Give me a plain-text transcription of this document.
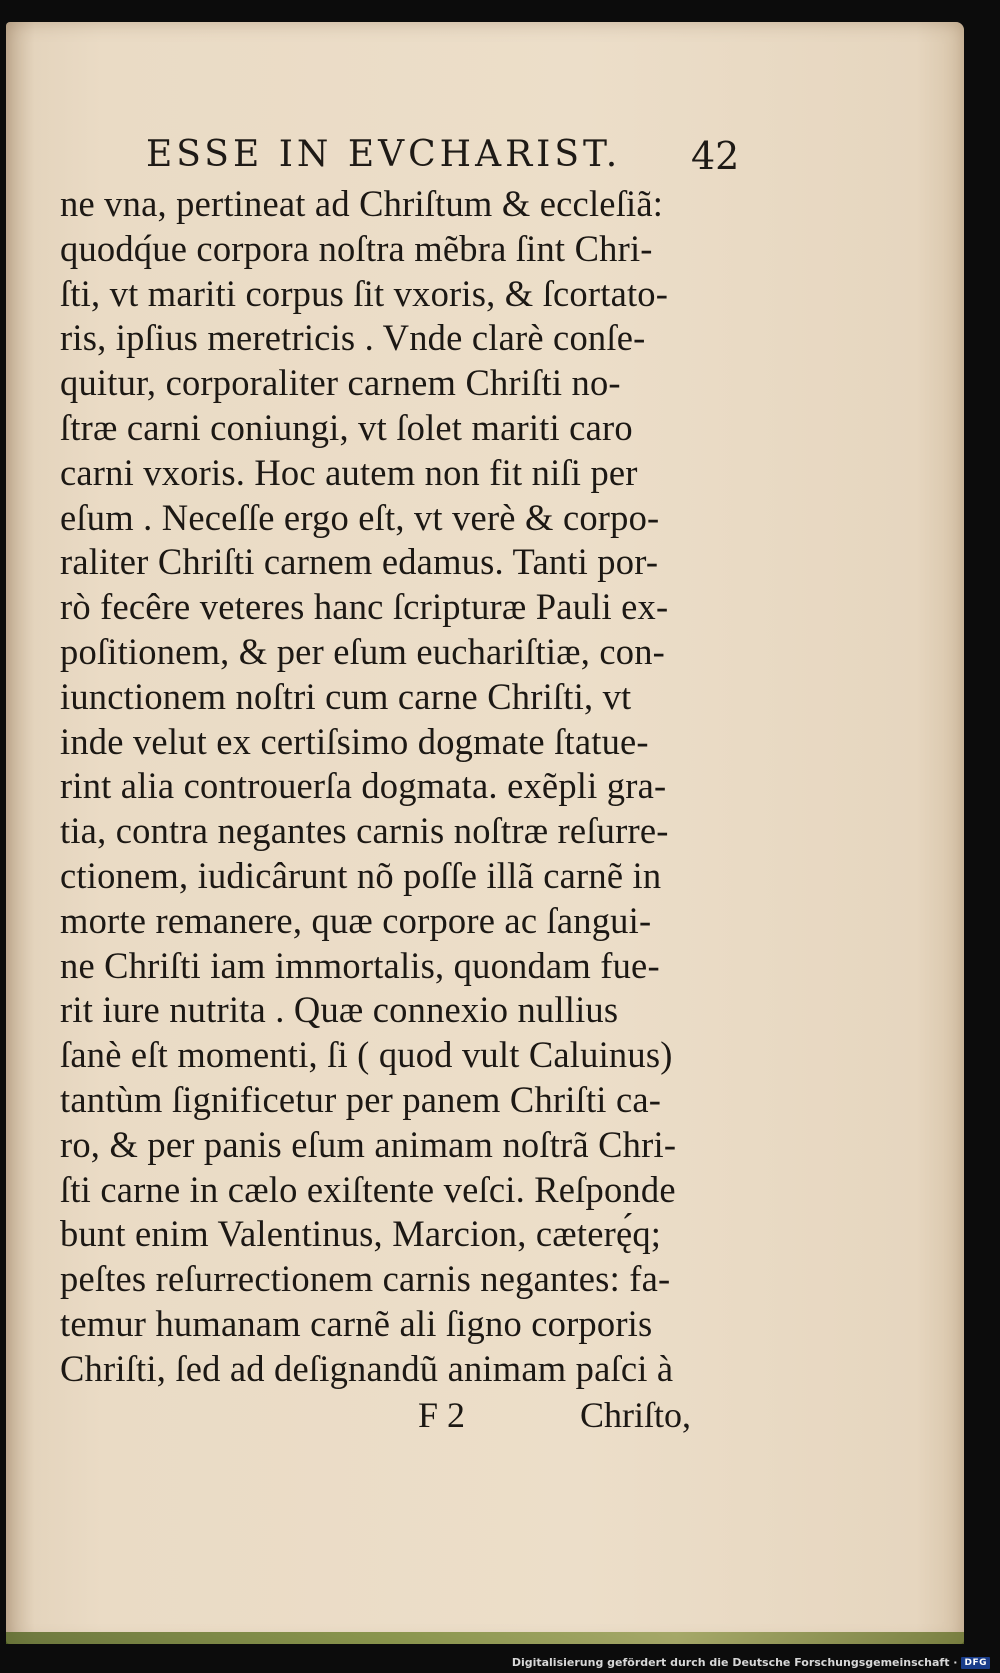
ESSE IN EVCHARIST. 42
ne vna, pertineat ad Chriſtum & eccleſiã:
quodq́ue corpora noſtra mẽbra ſint Chri-
ſti, vt mariti corpus ſit vxoris, & ſcortato-
ris, ipſius meretricis . Vnde clarè conſe-
quitur, corporaliter carnem Chriſti no-
ſtræ carni coniungi, vt ſolet mariti caro
carni vxoris. Hoc autem non fit niſi per
eſum . Neceſſe ergo eſt, vt verè & corpo-
raliter Chriſti carnem edamus. Tanti por-
rò fecêre veteres hanc ſcripturæ Pauli ex-
poſitionem, & per eſum euchariſtiæ, con-
iunctionem noſtri cum carne Chriſti, vt
inde velut ex certiſsimo dogmate ſtatue-
rint alia controuerſa dogmata. exẽpli gra-
tia, contra negantes carnis noſtræ reſurre-
ctionem, iudicârunt nõ poſſe illã carnẽ in
morte remanere, quæ corpore ac ſangui-
ne Chriſti iam immortalis, quondam fue-
rit iure nutrita . Quæ connexio nullius
ſanè eſt momenti, ſi ( quod vult Caluinus)
tantùm ſignificetur per panem Chriſti ca-
ro, & per panis eſum animam noſtrã Chri-
ſti carne in cælo exiſtente veſci. Reſponde
bunt enim Valentinus, Marcion, cæterę́q;
peſtes reſurrectionem carnis negantes: fa-
temur humanam carnẽ ali ſigno corporis
Chriſti, ſed ad deſignandũ animam paſci à
F 2	Chriſto,
Digitalisierung gefördert durch die Deutsche Forschungsgemeinschaft · DFG
